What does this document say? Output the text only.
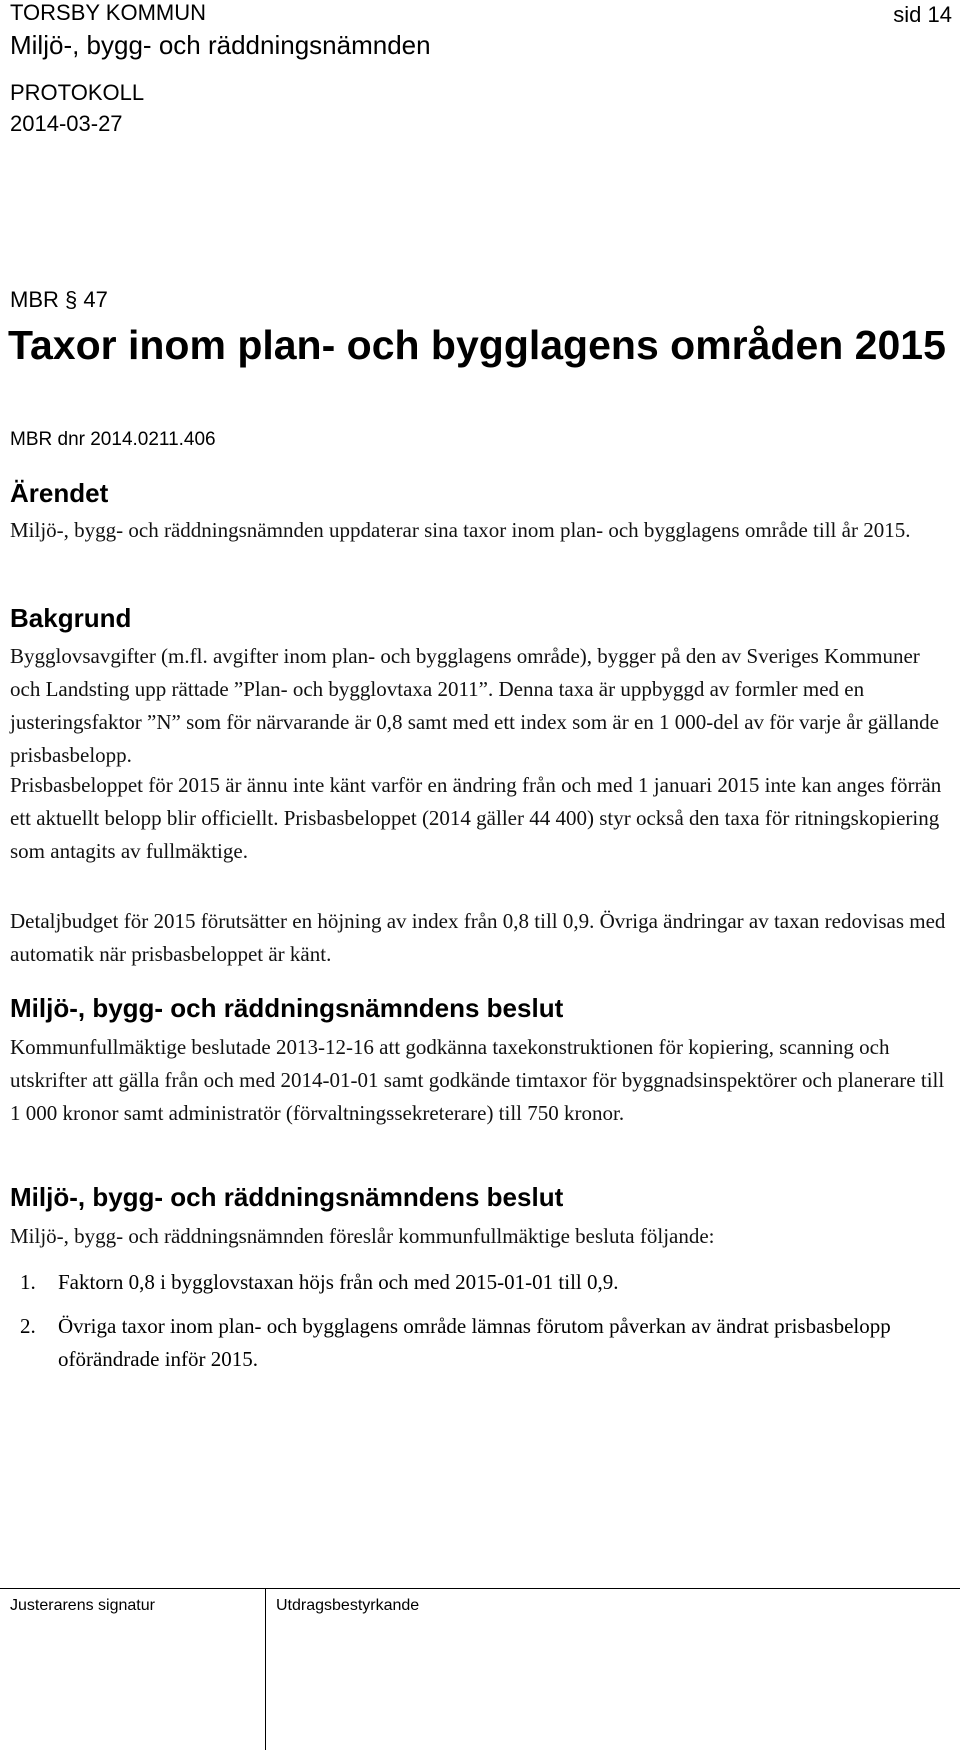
TORSBY KOMMUN	sid 14
Miljö-, bygg- och räddningsnämnden
PROTOKOLL
2014-03-27
MBR § 47
Taxor inom plan- och bygglagens områden 2015
MBR dnr 2014.0211.406
Ärendet
Miljö-, bygg- och räddningsnämnden uppdaterar sina taxor inom plan- och bygglagens område till år 2015.
Bakgrund
Bygglovsavgifter (m.fl. avgifter inom plan- och bygglagens område), bygger på den av Sveriges Kommuner och Landsting upp rättade ”Plan- och bygglovtaxa 2011”. Denna taxa är uppbyggd av formler med en justeringsfaktor ”N” som för närvarande är 0,8 samt med ett index som är en 1 000-del av för varje år gällande prisbasbelopp.
Prisbasbeloppet för 2015 är ännu inte känt varför en ändring från och med 1 januari 2015 inte kan anges förrän ett aktuellt belopp blir officiellt. Prisbasbeloppet (2014 gäller 44 400) styr också den taxa för ritningskopiering som antagits av fullmäktige.
Detaljbudget för 2015 förutsätter en höjning av index från 0,8 till 0,9. Övriga ändringar av taxan redovisas med automatik när prisbasbeloppet är känt.
Miljö-, bygg- och räddningsnämndens beslut
Kommunfullmäktige beslutade 2013-12-16 att godkänna taxekonstruktionen för kopiering, scanning och utskrifter att gälla från och med 2014-01-01 samt godkände timtaxor för byggnadsinspektörer och planerare till 1 000 kronor samt administratör (förvaltningssekreterare) till 750 kronor.
Miljö-, bygg- och räddningsnämndens beslut
Miljö-, bygg- och räddningsnämnden föreslår kommunfullmäktige besluta följande:
1. Faktorn 0,8 i bygglovstaxan höjs från och med 2015-01-01 till 0,9.
2. Övriga taxor inom plan- och bygglagens område lämnas förutom påverkan av ändrat prisbasbelopp oförändrade inför 2015.
Justerarens signatur	Utdragsbestyrkande
